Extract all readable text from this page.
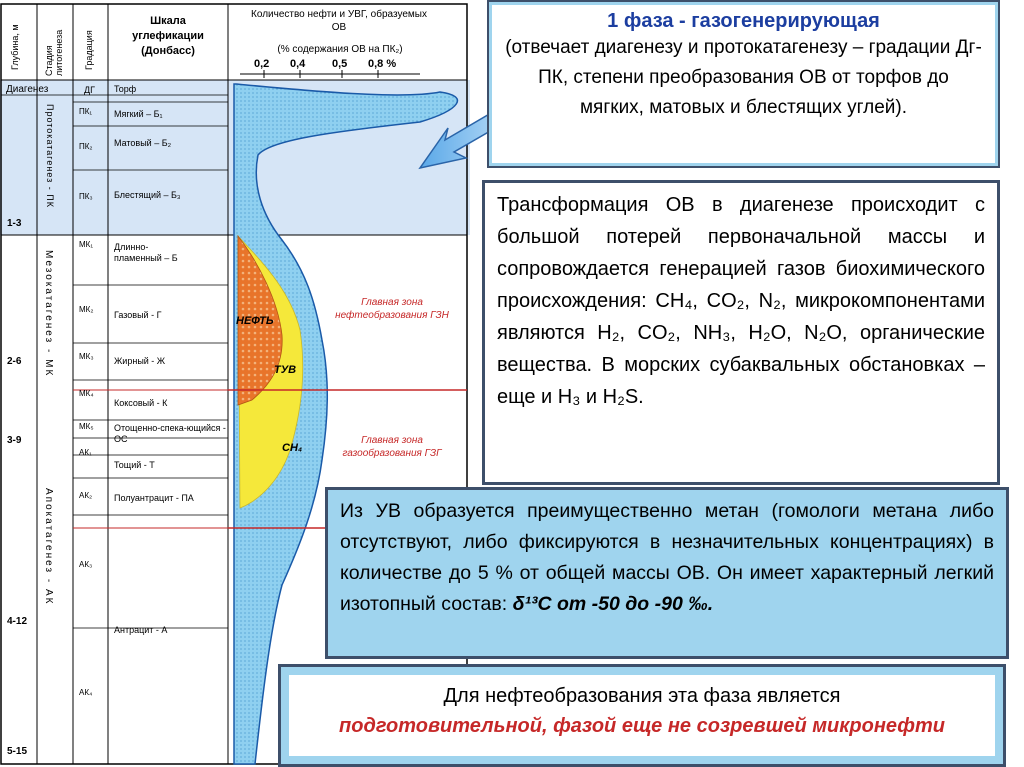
Глубина, м	Стадия литогенеза Градация
Шкала углефикации (Донбасс)
Количество нефти и УВГ, образуемых ОВ
(% содержания ОВ на ПК₂)
0,2 0,4 0,5 0,8 %
Диагенез
Протокатагенез - ПК
Мезокатагенез - МК
Апокатагенез - АК
1-3
2-6
3-9
4-12
5-15
ДГ
ПК₁
ПК₂
ПК₃
МК₁
МК₂
МК₃
МК₄
МК₅
АК₁
АК₂
АК₃
АК₄
Торф
Мягкий – Б₁
Матовый – Б₂
Блестящий – Б₃
Длинно-пламенный – Б
Газовый - Г
Жирный - Ж
Коксовый - К
Отощенно-спека-ющийся - ОС
Тощий - Т
Полуантрацит - ПА
Антрацит - А
Главная зона нефтеобразования ГЗН
Главная зона газообразования ГЗГ
НЕФТЬ
ТУВ
CH₄
1 фаза - газогенерирующая
(отвечает диагенезу и протокатагенезу – градации Дг-ПК, степени преобразования ОВ от торфов до мягких, матовых и блестящих углей).
Трансформация ОВ в диагенезе происходит с большой потерей первоначальной массы и сопровождается генерацией газов биохимического происхождения: CH₄, CO₂, N₂, микрокомпонентами являются H₂, CO₂, NH₃, H₂O, N₂O, органические вещества. В морских субаквальных обстановках – еще и H₃ и H₂S.
Из УВ образуется преимущественно метан (гомологи метана либо отсутствуют, либо фиксируются в незначительных концентрациях) в количестве до 5 % от общей массы ОВ. Он имеет характерный легкий изотопный состав: δ¹³С от -50 до -90 ‰.
Для нефтеобразования эта фаза является
подготовительной, фазой еще не созревшей микронефти
